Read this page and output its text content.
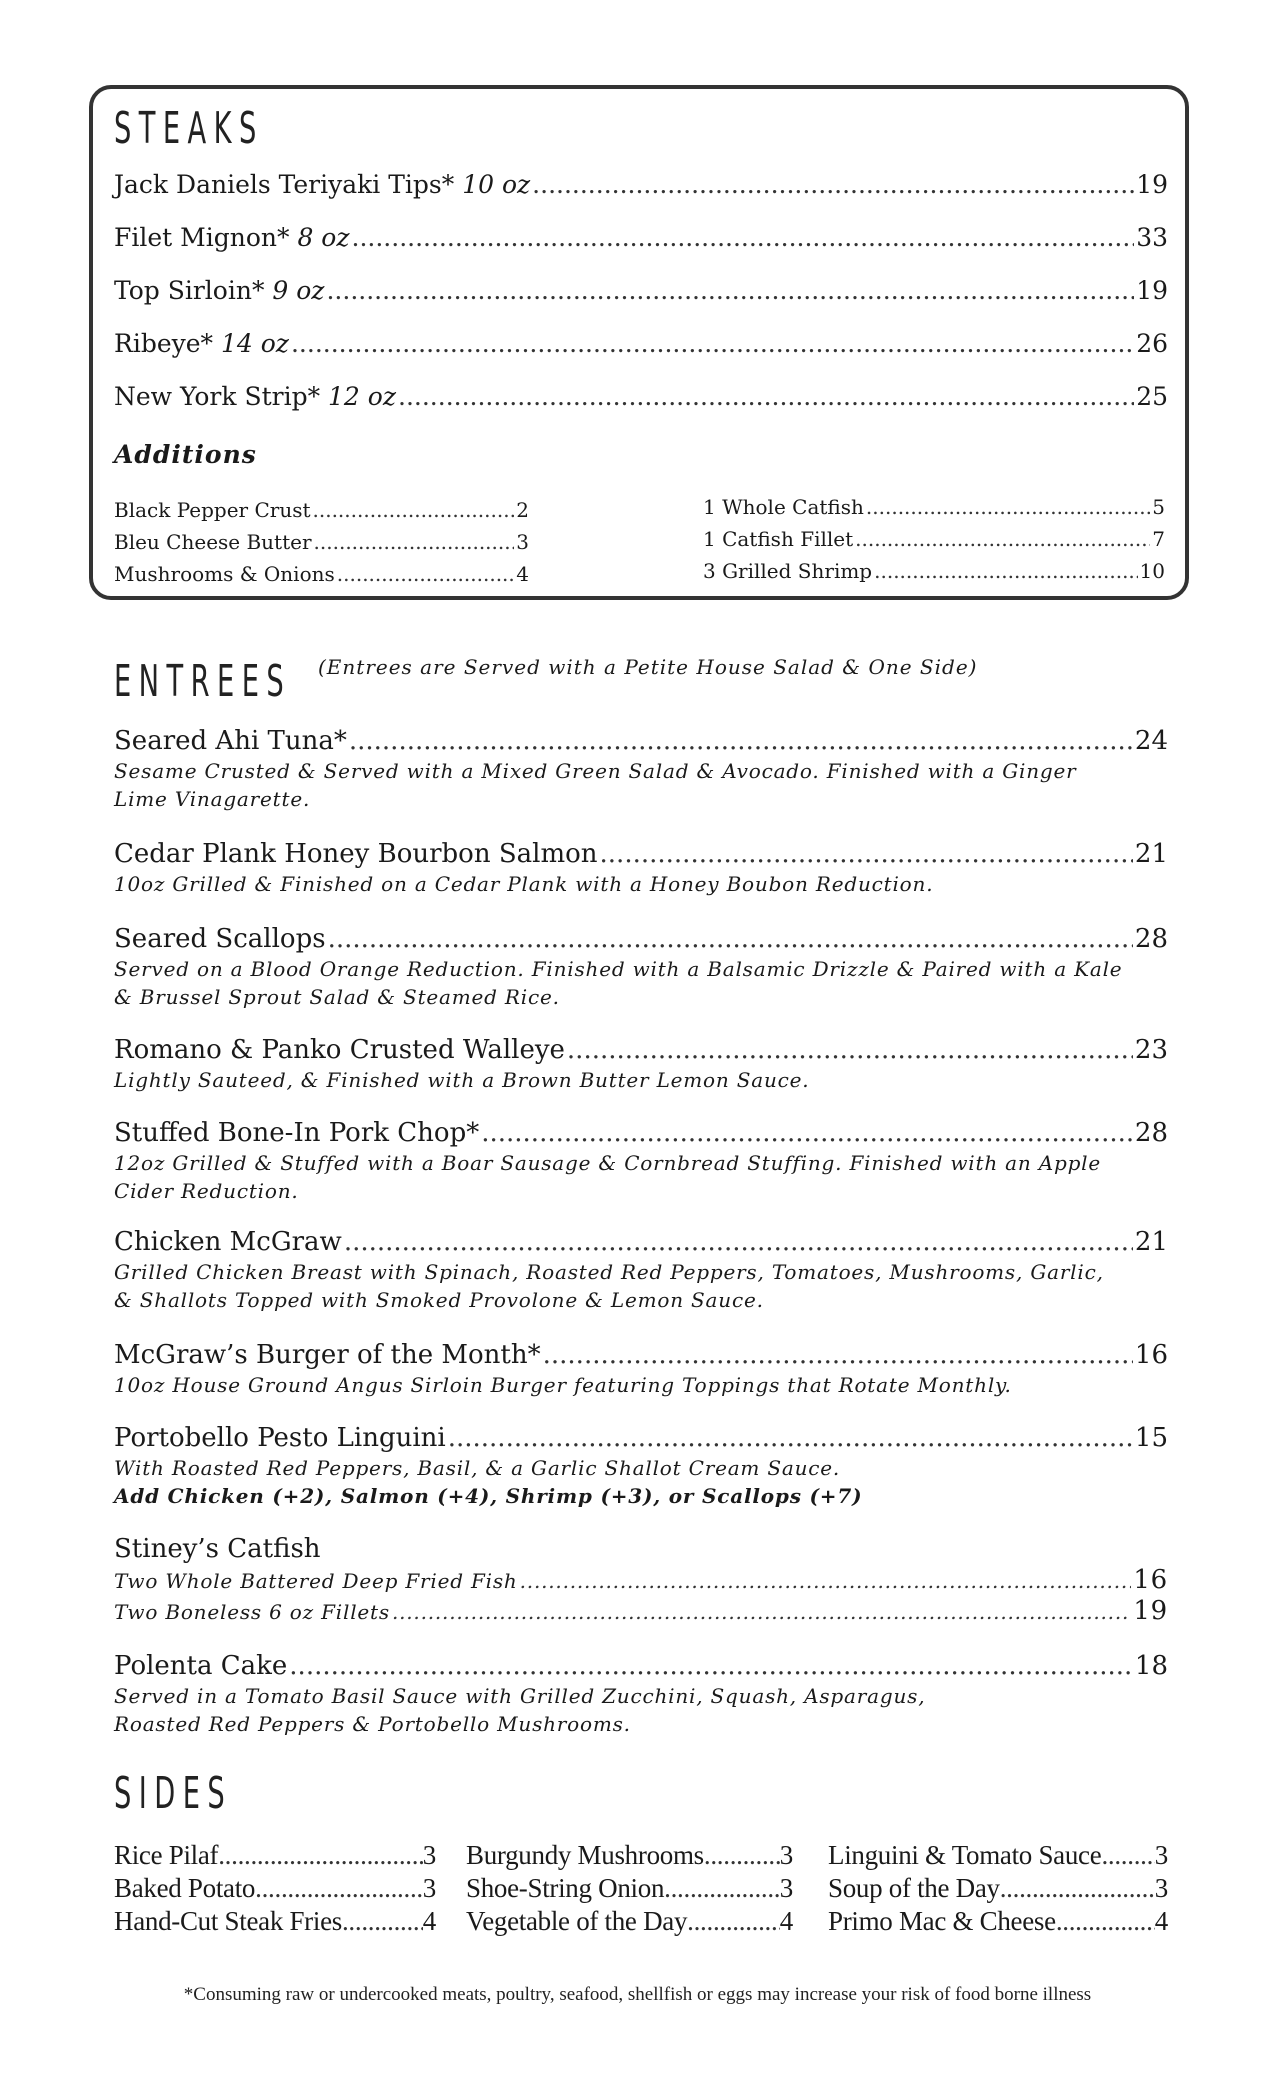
STEAKS
Jack Daniels Teriyaki Tips* 10 oz .....	19
Filet Mignon* 8 oz .....	33
Top Sirloin* 9 oz .....	19
Ribeye* 14 oz .....	26
New York Strip* 12 oz .....	25
Additions
Black Pepper Crust .....	2
Bleu Cheese Butter .....	3
Mushrooms & Onions .....	4
1 Whole Catfish .....	5
1 Catfish Fillet .....	7
3 Grilled Shrimp .....	10
ENTREES (Entrees are Served with a Petite House Salad & One Side)
Seared Ahi Tuna* .....	24
Sesame Crusted & Served with a Mixed Green Salad & Avocado. Finished with a Ginger Lime Vinagarette.
Cedar Plank Honey Bourbon Salmon .....	21
10oz Grilled & Finished on a Cedar Plank with a Honey Boubon Reduction.
Seared Scallops .....	28
Served on a Blood Orange Reduction. Finished with a Balsamic Drizzle & Paired with a Kale & Brussel Sprout Salad & Steamed Rice.
Romano & Panko Crusted Walleye .....	23
Lightly Sauteed, & Finished with a Brown Butter Lemon Sauce.
Stuffed Bone-In Pork Chop* .....	28
12oz Grilled & Stuffed with a Boar Sausage & Cornbread Stuffing. Finished with an Apple Cider Reduction.
Chicken McGraw .....	21
Grilled Chicken Breast with Spinach, Roasted Red Peppers, Tomatoes, Mushrooms, Garlic, & Shallots Topped with Smoked Provolone & Lemon Sauce.
McGraw’s Burger of the Month* .....	16
10oz House Ground Angus Sirloin Burger featuring Toppings that Rotate Monthly.
Portobello Pesto Linguini .....	15
With Roasted Red Peppers, Basil, & a Garlic Shallot Cream Sauce.
Add Chicken (+2), Salmon (+4), Shrimp (+3), or Scallops (+7)
Stiney’s Catfish
Two Whole Battered Deep Fried Fish .....	16
Two Boneless 6 oz Fillets .....	19
Polenta Cake .....	18
Served in a Tomato Basil Sauce with Grilled Zucchini, Squash, Asparagus, Roasted Red Peppers & Portobello Mushrooms.
SIDES
Rice Pilaf .....	3
Baked Potato .....	3
Hand-Cut Steak Fries .....	4
Burgundy Mushrooms .....	3
Shoe-String Onion .....	3
Vegetable of the Day .....	4
Linguini & Tomato Sauce ..... 3
Soup of the Day .....	3
Primo Mac & Cheese .....	4
*Consuming raw or undercooked meats, poultry, seafood, shellfish or eggs may increase your risk of food borne illness
